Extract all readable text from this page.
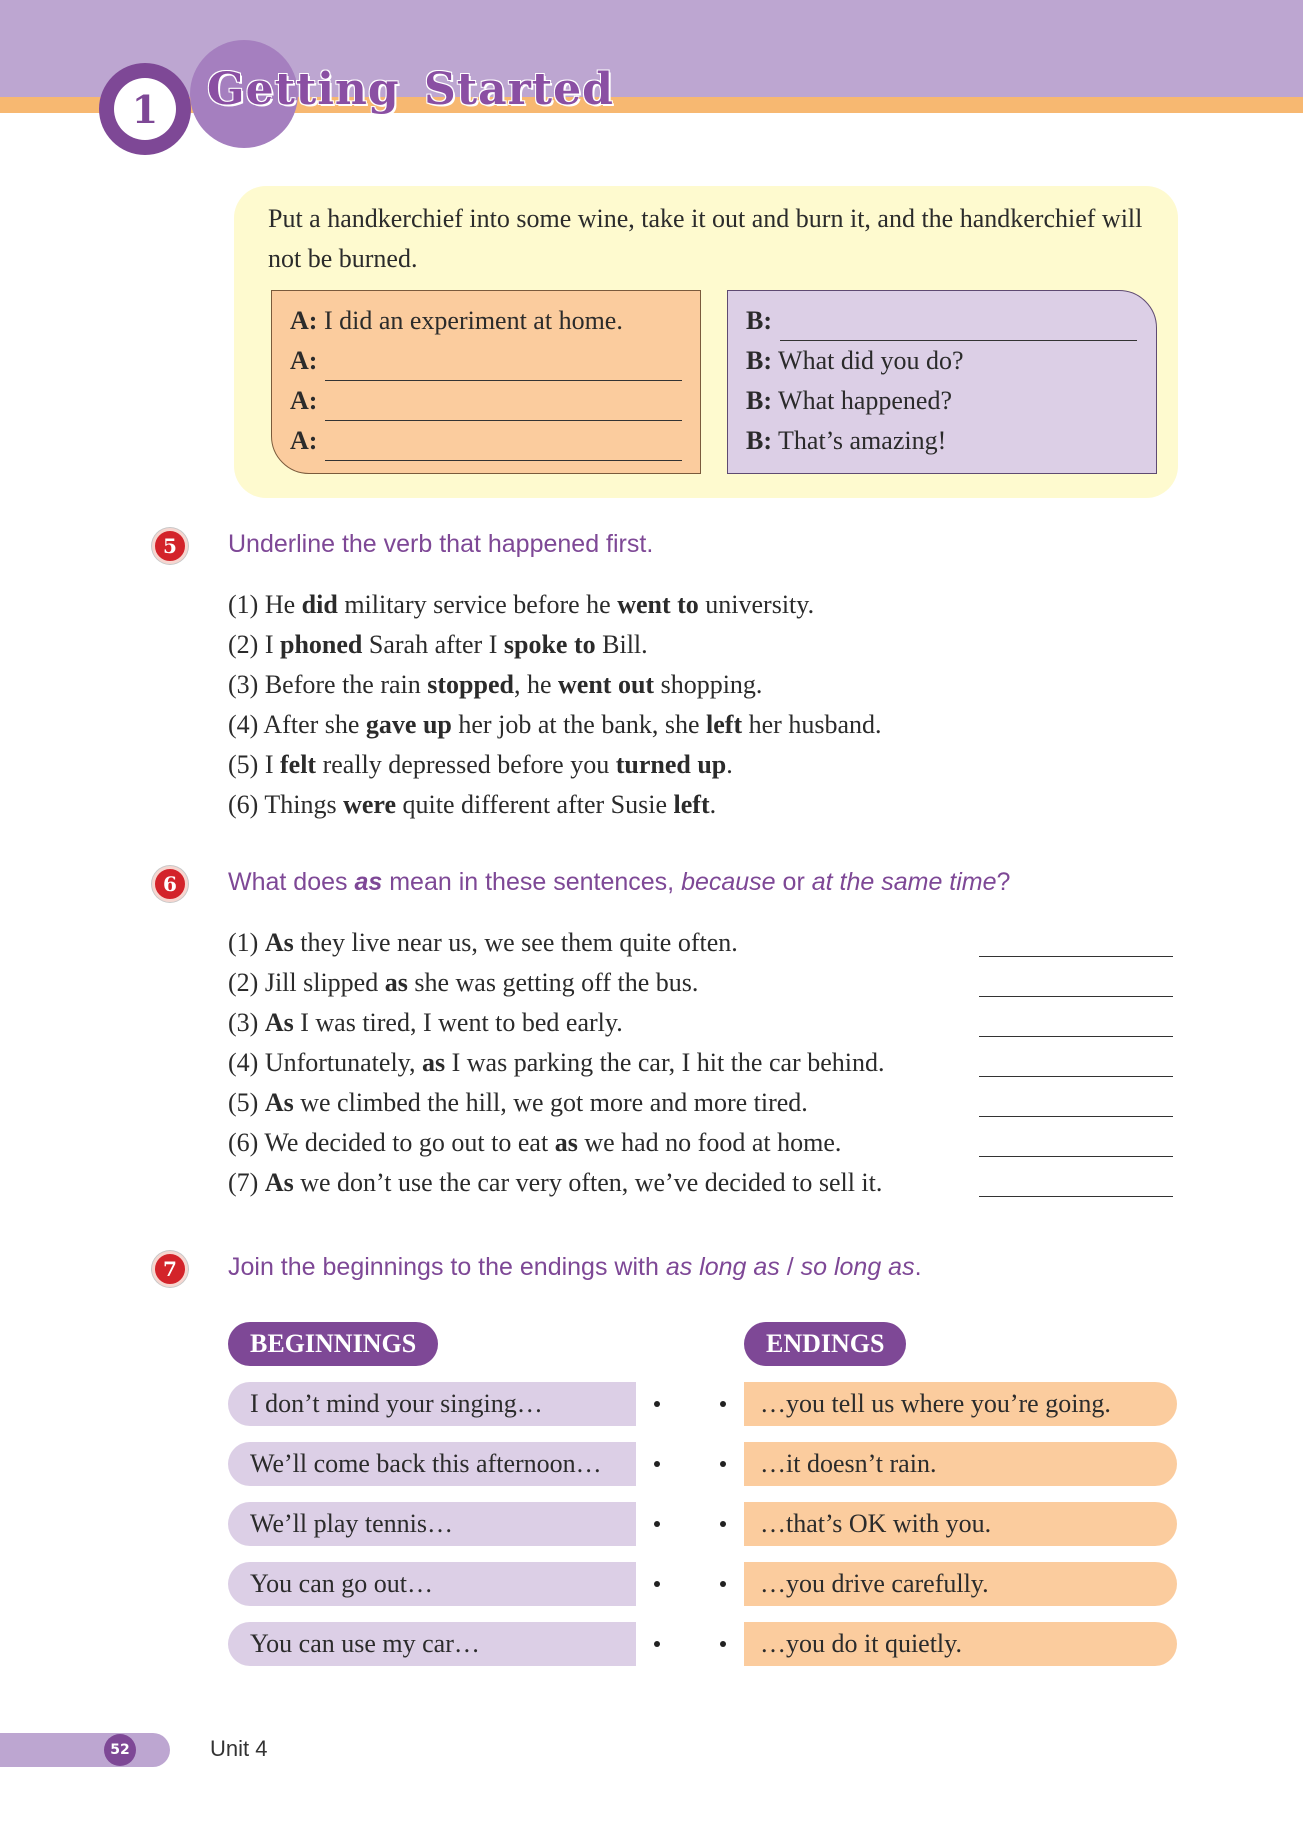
1	Getting Started
Put a handkerchief into some wine, take it out and burn it, and the handkerchief will not be burned.
A: I did an experiment at home.
A:
A:
A:
B:
B: What did you do?
B: What happened?
B: That’s amazing!
5	Underline the verb that happened first.
(1) He did military service before he went to university.
(2) I phoned Sarah after I spoke to Bill.
(3) Before the rain stopped, he went out shopping.
(4) After she gave up her job at the bank, she left her husband.
(5) I felt really depressed before you turned up.
(6) Things were quite different after Susie left.
6	What does as mean in these sentences, because or at the same time?
(1) As they live near us, we see them quite often.
(2) Jill slipped as she was getting off the bus.
(3) As I was tired, I went to bed early.
(4) Unfortunately, as I was parking the car, I hit the car behind.
(5) As we climbed the hill, we got more and more tired.
(6) We decided to go out to eat as we had no food at home.
(7) As we don’t use the car very often, we’ve decided to sell it.
7	Join the beginnings to the endings with as long as / so long as.
BEGINNINGS	ENDINGS
I don’t mind your singing…
We’ll come back this afternoon…
We’ll play tennis…
You can go out…
You can use my car…
…you tell us where you’re going.
…it doesn’t rain.
…that’s OK with you.
…you drive carefully.
…you do it quietly.
52	Unit 4
